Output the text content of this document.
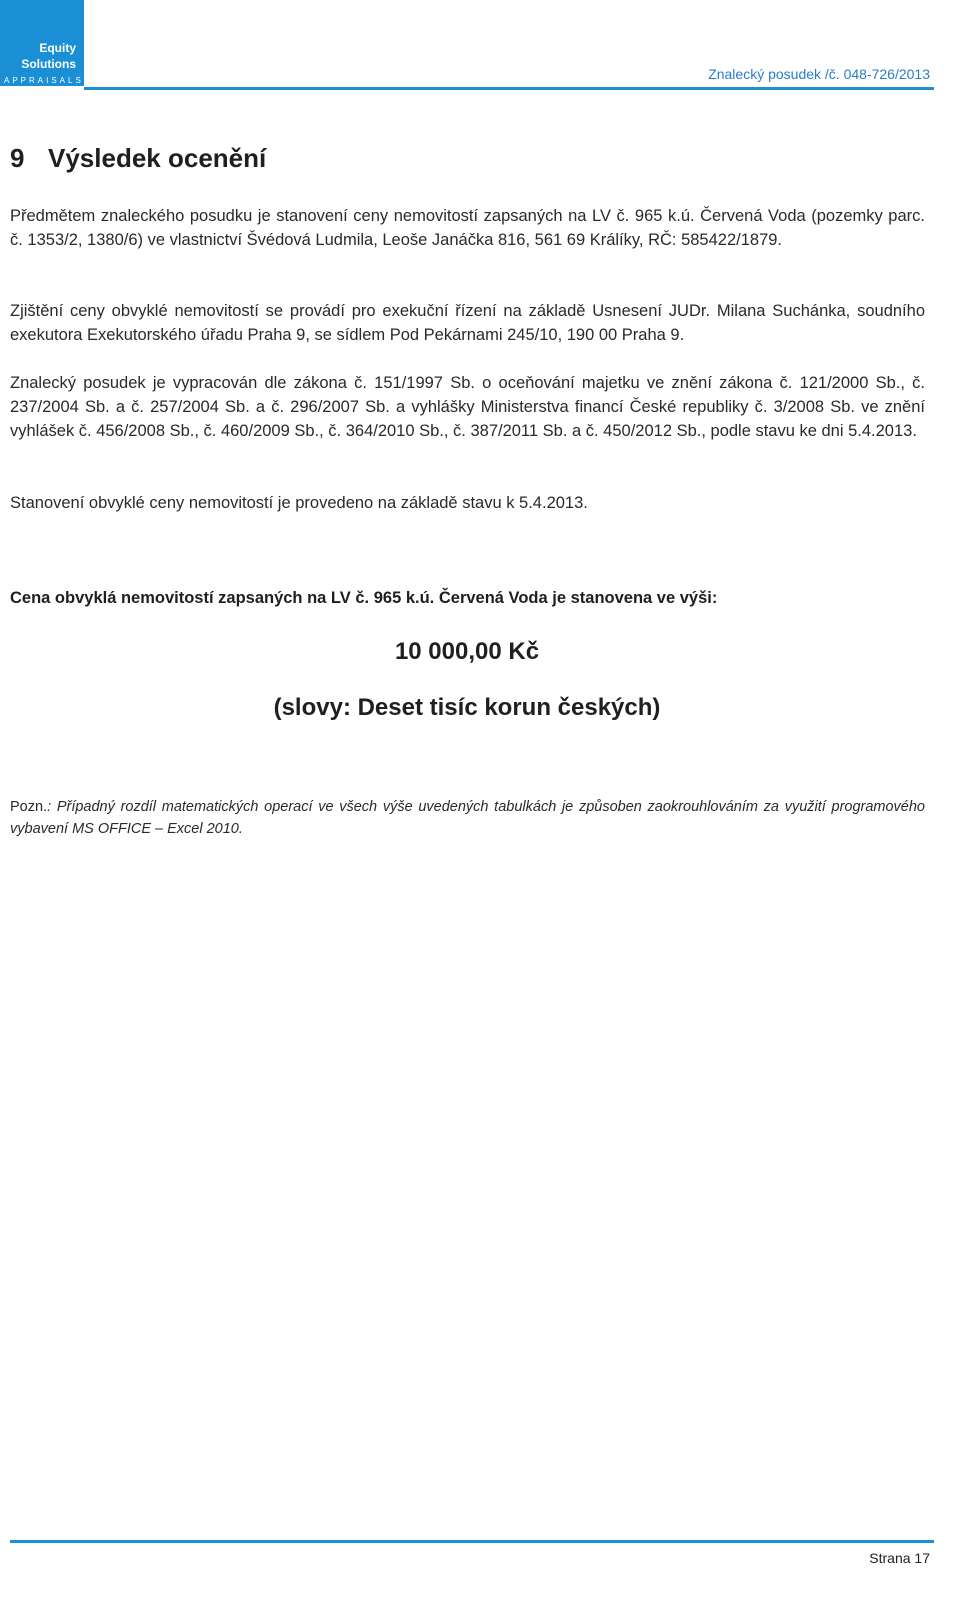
Equity
Solutions
APPRAISALS	Znalecký posudek /č. 048-726/2013
9 Výsledek ocenění
Předmětem znaleckého posudku je stanovení ceny nemovitostí zapsaných na LV č. 965 k.ú. Červená Voda (pozemky parc. č. 1353/2, 1380/6) ve vlastnictví Švédová Ludmila, Leoše Janáčka 816, 561 69 Králíky, RČ: 585422/1879.
Zjištění ceny obvyklé nemovitostí se provádí pro exekuční řízení na základě Usnesení JUDr. Milana Suchánka, soudního exekutora Exekutorského úřadu Praha 9, se sídlem Pod Pekárnami 245/10, 190 00 Praha 9.
Znalecký posudek je vypracován dle zákona č. 151/1997 Sb. o oceňování majetku ve znění zákona č. 121/2000 Sb., č. 237/2004 Sb. a č. 257/2004 Sb. a č. 296/2007 Sb. a vyhlášky Ministerstva financí České republiky č. 3/2008 Sb. ve znění vyhlášek č. 456/2008 Sb., č. 460/2009 Sb., č. 364/2010 Sb., č. 387/2011 Sb. a č. 450/2012 Sb., podle stavu ke dni 5.4.2013.
Stanovení obvyklé ceny nemovitostí je provedeno na základě stavu k 5.4.2013.
Cena obvyklá nemovitostí zapsaných na LV č. 965 k.ú. Červená Voda je stanovena ve výši:
10 000,00 Kč
(slovy: Deset tisíc korun českých)
Pozn.: Případný rozdíl matematických operací ve všech výše uvedených tabulkách je způsoben zaokrouhlováním za využití programového vybavení MS OFFICE – Excel 2010.
Strana 17
